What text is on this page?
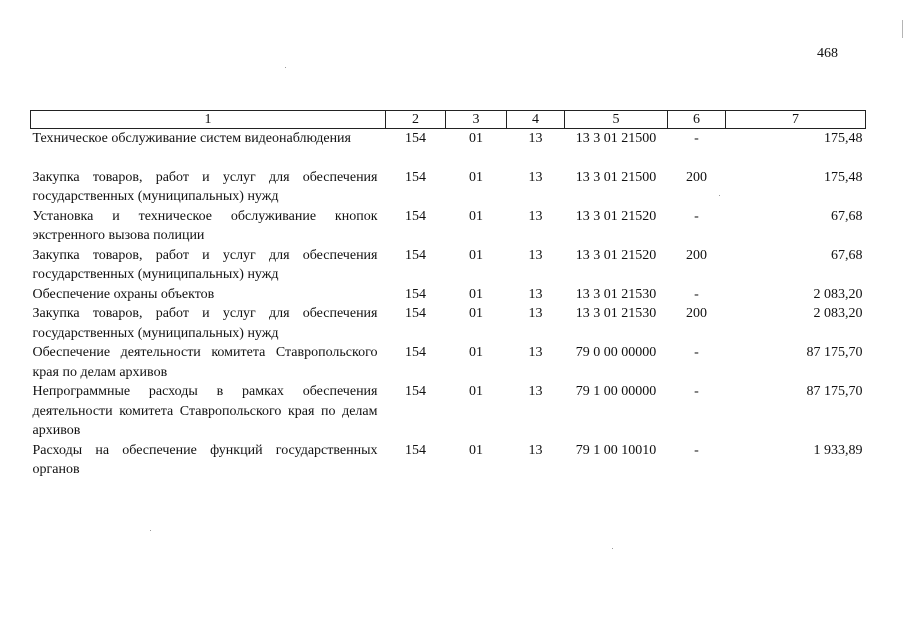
468
1	2	3	4	5	6	7
Техническое обслуживание систем видеонаблюдения	154	01	13	13 3 01 21500	-	175,48
Закупка товаров, работ и услуг для обеспечения государственных (муниципальных) нужд	154	01	13	13 3 01 21500	200	175,48
Установка и техническое обслуживание кнопок экстренного вызова полиции	154	01	13	13 3 01 21520	-	67,68
Закупка товаров, работ и услуг для обеспечения государственных (муниципальных) нужд	154	01	13	13 3 01 21520	200	67,68
Обеспечение охраны объектов	154	01	13	13 3 01 21530	-	2 083,20
Закупка товаров, работ и услуг для обеспечения государственных (муниципальных) нужд	154	01	13	13 3 01 21530	200	2 083,20
Обеспечение деятельности комитета Ставропольского края по делам архивов	154	01	13	79 0 00 00000	-	87 175,70
Непрограммные расходы в рамках обеспечения деятельности комитета Ставропольского края по делам архивов	154	01	13	79 1 00 00000	-	87 175,70
Расходы на обеспечение функций государственных органов	154	01	13	79 1 00 10010	-	1 933,89
